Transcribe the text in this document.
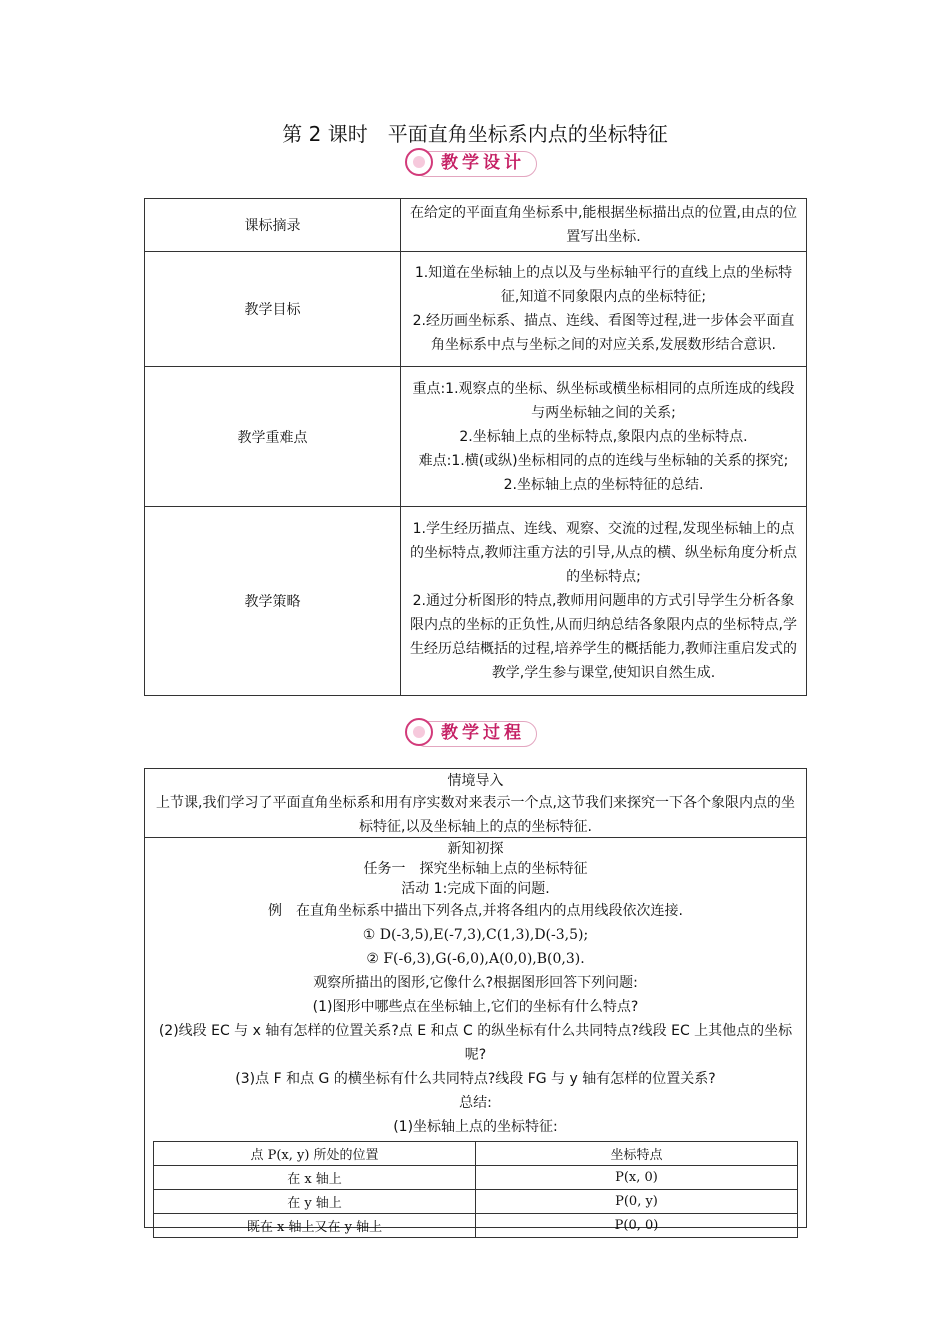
第 2 课时　平面直角坐标系内点的坐标特征
教学设计
课标摘录	在给定的平面直角坐标系中,能根据坐标描出点的位置,由点的位置写出坐标.
教学目标	1.知道在坐标轴上的点以及与坐标轴平行的直线上点的坐标特征,知道不同象限内点的坐标特征;
2.经历画坐标系、描点、连线、看图等过程,进一步体会平面直角坐标系中点与坐标之间的对应关系,发展数形结合意识.
教学重难点	重点:1.观察点的坐标、纵坐标或横坐标相同的点所连成的线段与两坐标轴之间的关系;
2.坐标轴上点的坐标特点,象限内点的坐标特点.
难点:1.横(或纵)坐标相同的点的连线与坐标轴的关系的探究;
2.坐标轴上点的坐标特征的总结.
教学策略	1.学生经历描点、连线、观察、交流的过程,发现坐标轴上的点的坐标特点,教师注重方法的引导,从点的横、纵坐标角度分析点的坐标特点;
2.通过分析图形的特点,教师用问题串的方式引导学生分析各象限内点的坐标的正负性,从而归纳总结各象限内点的坐标特点,学生经历总结概括的过程,培养学生的概括能力,教师注重启发式的教学,学生参与课堂,使知识自然生成.
教学过程

情境导入

上节课,我们学习了平面直角坐标系和用有序实数对来表示一个点,这节我们来探究一下各个象限内点的坐标特征,以及坐标轴上的点的坐标特征.

新知初探

任务一　探究坐标轴上点的坐标特征

活动 1:完成下面的问题.

例　在直角坐标系中描出下列各点,并将各组内的点用线段依次连接.

① D(-3,5),E(-7,3),C(1,3),D(-3,5);

② F(-6,3),G(-6,0),A(0,0),B(0,3).

观察所描出的图形,它像什么?根据图形回答下列问题:

(1)图形中哪些点在坐标轴上,它们的坐标有什么特点?

(2)线段 EC 与 x 轴有怎样的位置关系?点 E 和点 C 的纵坐标有什么共同特点?线段 EC 上其他点的坐标呢?

(3)点 F 和点 G 的横坐标有什么共同特点?线段 FG 与 y 轴有怎样的位置关系?

总结:

(1)坐标轴上点的坐标特征:

点 P(x, y) 所处的位置	坐标特点
在 x 轴上	P(x, 0)
在 y 轴上	P(0, y)
既在 x 轴上又在 y 轴上	P(0, 0)
